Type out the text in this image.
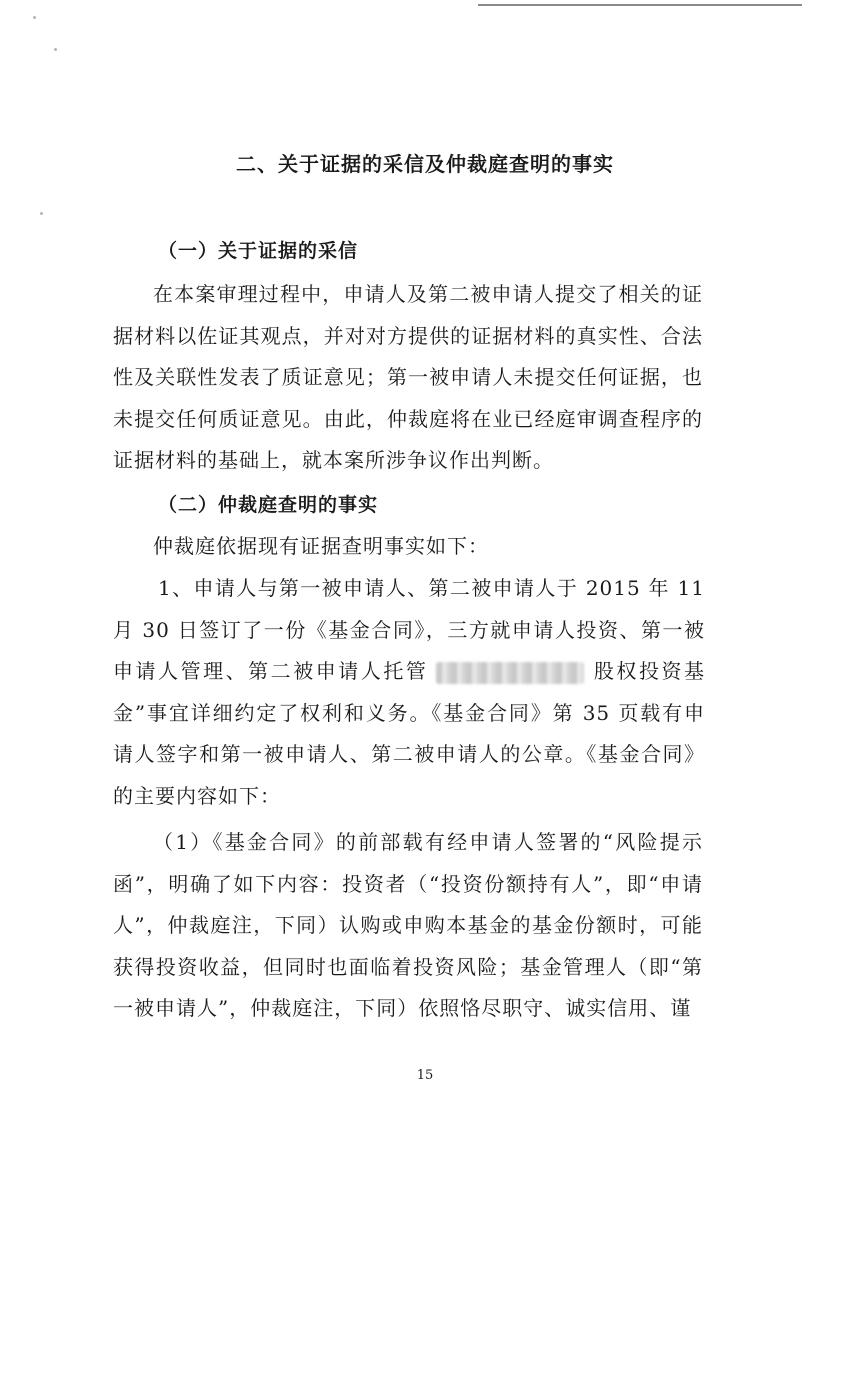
二、关于证据的采信及仲裁庭查明的事实
（一）关于证据的采信

在本案审理过程中，申请人及第二被申请人提交了相关的证据材料以佐证其观点，并对对方提供的证据材料的真实性、合法性及关联性发表了质证意见；第一被申请人未提交任何证据，也未提交任何质证意见。由此，仲裁庭将在业已经庭审调查程序的证据材料的基础上，就本案所涉争议作出判断。

（二）仲裁庭查明的事实

仲裁庭依据现有证据查明事实如下：

1、申请人与第一被申请人、第二被申请人于 2015 年 11
月 30 日签订了一份《基金合同》，三方就申请人投资、第一被
申请人管理、第二被申请人托管	股权投资基
金”事宜详细约定了权利和义务。《基金合同》第 35 页载有申
请人签字和第一被申请人、第二被申请人的公章。《基金合同》
的主要内容如下：

（1）《基金合同》的前部载有经申请人签署的“风险提示函”，明确了如下内容：投资者（“投资份额持有人”，即“申请人”，仲裁庭注，下同）认购或申购本基金的基金份额时，可能获得投资收益，但同时也面临着投资风险；基金管理人（即“第一被申请人”，仲裁庭注，下同）依照恪尽职守、诚实信用、谨

15
